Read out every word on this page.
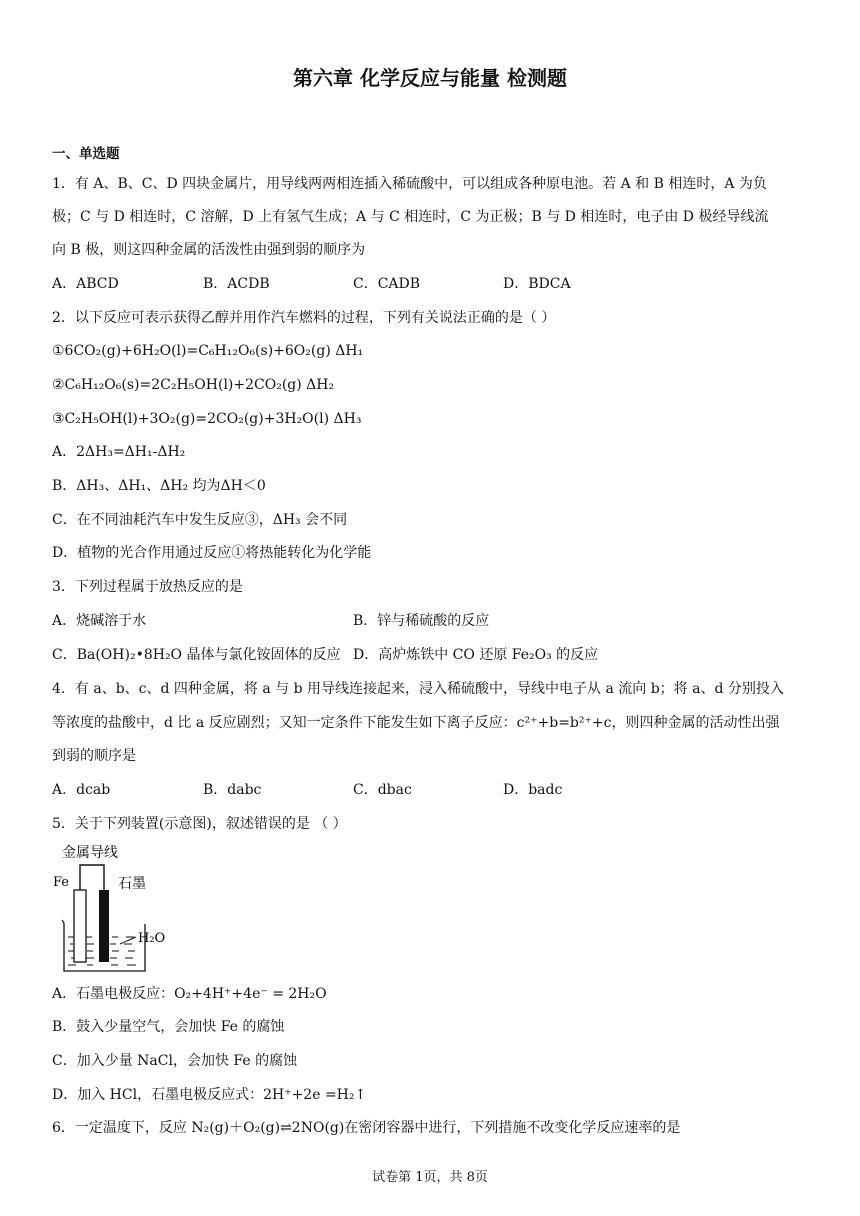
第六章 化学反应与能量 检测题
一、单选题
1．有 A、B、C、D 四块金属片，用导线两两相连插入稀硫酸中，可以组成各种原电池。若 A 和 B 相连时，A 为负
极；C 与 D 相连时，C 溶解，D 上有氢气生成；A 与 C 相连时，C 为正极；B 与 D 相连时，电子由 D 极经导线流
向 B 极，则这四种金属的活泼性由强到弱的顺序为
A．ABCD	B．ACDB	C．CADB	D．BDCA
2．以下反应可表示获得乙醇并用作汽车燃料的过程，下列有关说法正确的是（ ）
①6CO₂(g)+6H₂O(l)=C₆H₁₂O₆(s)+6O₂(g) ΔH₁
②C₆H₁₂O₆(s)=2C₂H₅OH(l)+2CO₂(g) ΔH₂
③C₂H₅OH(l)+3O₂(g)=2CO₂(g)+3H₂O(l) ΔH₃
A．2ΔH₃=ΔH₁-ΔH₂
B．ΔH₃、ΔH₁、ΔH₂ 均为ΔH＜0
C．在不同油耗汽车中发生反应③，ΔH₃ 会不同
D．植物的光合作用通过反应①将热能转化为化学能
3．下列过程属于放热反应的是
A．烧碱溶于水	B．锌与稀硫酸的反应
C．Ba(OH)₂•8H₂O 晶体与氯化铵固体的反应 D．高炉炼铁中 CO 还原 Fe₂O₃ 的反应
4．有 a、b、c、d 四种金属，将 a 与 b 用导线连接起来，浸入稀硫酸中，导线中电子从 a 流向 b；将 a、d 分别投入
等浓度的盐酸中，d 比 a 反应剧烈；又知一定条件下能发生如下离子反应：c²⁺+b=b²⁺+c，则四种金属的活动性出强
到弱的顺序是
A．dcab	B．dabc	C．dbac	D．badc
5．关于下列装置(示意图)，叙述错误的是 （ ）
金属导线
Fe	石墨
H₂O
A．石墨电极反应：O₂+4H⁺+4e⁻ = 2H₂O
B．鼓入少量空气，会加快 Fe 的腐蚀
C．加入少量 NaCl，会加快 Fe 的腐蚀
D．加入 HCl，石墨电极反应式：2H⁺+2e =H₂↑
6．一定温度下，反应 N₂(g)＋O₂(g)⇌2NO(g)在密闭容器中进行，下列措施不改变化学反应速率的是
试卷第 1页，共 8页
